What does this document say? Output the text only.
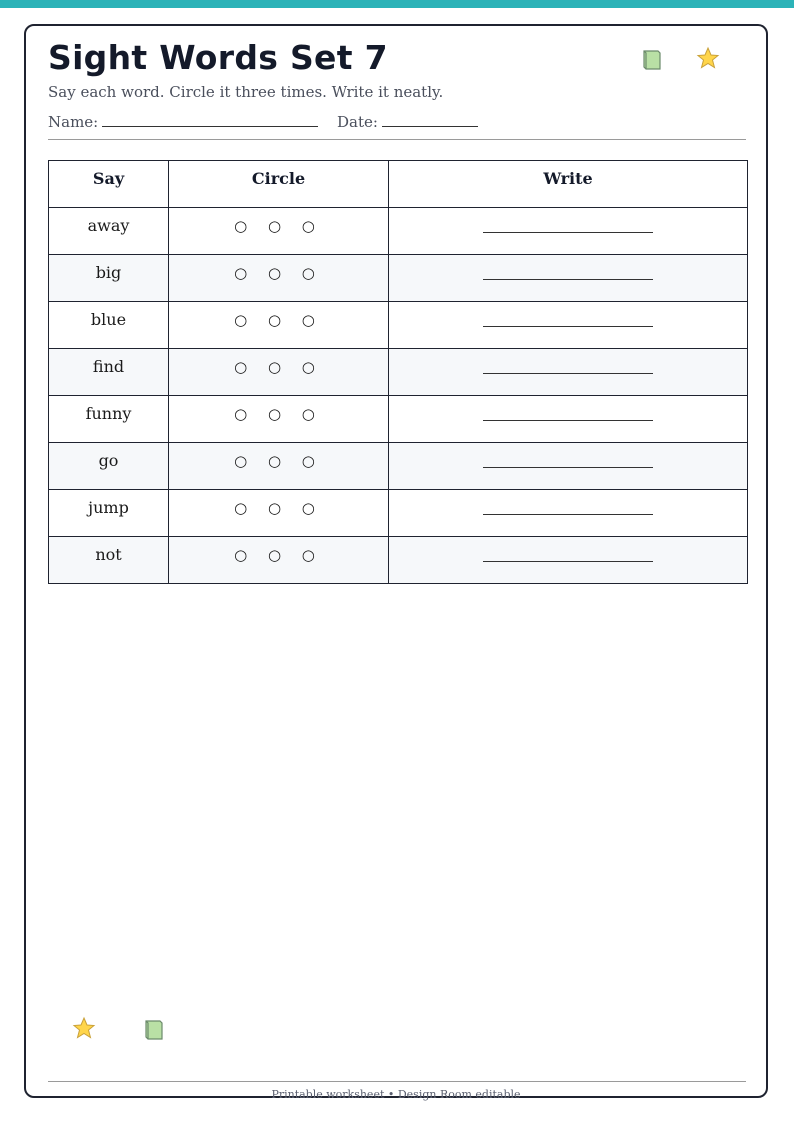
Sight Words Set 7

Say each word. Circle it three times. Write it neatly.

Name:	Date:
Say	Circle	Write
away	○ ○ ○	
big	○ ○ ○	
blue	○ ○ ○	
find	○ ○ ○	
funny	○ ○ ○	
go	○ ○ ○	
jump	○ ○ ○	
not	○ ○ ○	
Printable worksheet • Design Room editable
